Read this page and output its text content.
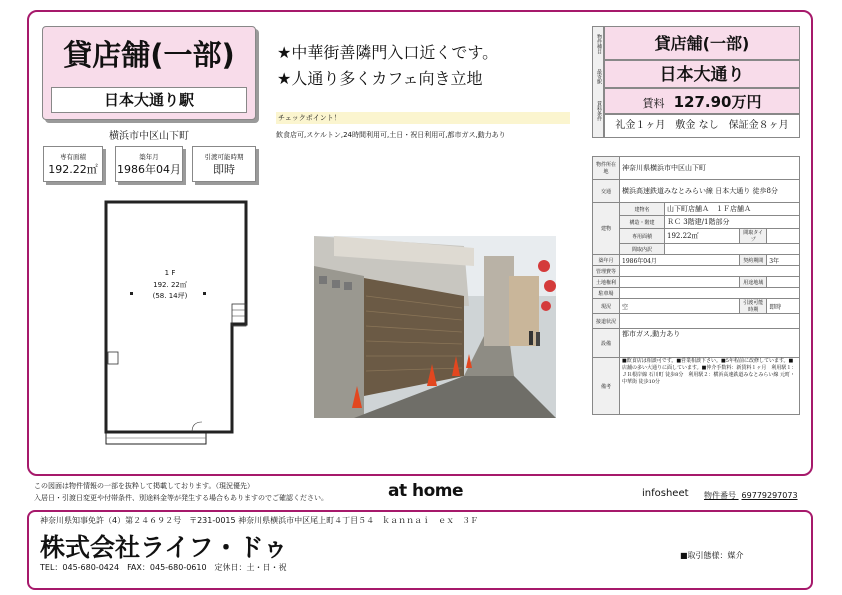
貸店舗(一部)
日本大通り駅
横浜市中区山下町
専有面積
192.22㎡
築年月
1986年04月
引渡可能時期
即時
1 F
192. 22㎡
(58. 14坪)
★中華街善隣門入口近くです。
★人通り多くカフェ向き立地
チェックポイント！
飲食店可,スケルトン,24時間利用可,土日・祝日利用可,都市ガス,動力あり
物件種目
最寄駅
賃料条件
貸店舗(一部)
日本大通り
賃料 127.90万円
礼金１ヶ月　敷金 なし　保証金８ヶ月
物件所在地	神奈川県横浜市中区山下町			
交通	横浜高速鉄道みなとみらい線 日本大通り 徒歩8分			
建物	建物名	山下町店舗Ａ　１Ｆ店舗Ａ		
	構造・階建	ＲＣ 3階建/1階部分		
	専用面積	192.22㎡	間取タイプ	
	間取内訳			
築年月	1986年04月		契約期間	3年
管理費等				
土地権利			用途地域	
駐車場				
現況	空		引渡可能時期	即時
接道状況				
設備	都市ガス,動力あり			
備考	■飲食店は相談可です。■営業相談下さい。■5年程前に改修しています。■店舗の多い大通りに面しています。■仲介手数料：新賃料１ヶ月　利用駅１：ＪＲ根岸線 石川町 徒歩8分　利用駅２：横浜高速鉄道みなとみらい線 元町・中華街 徒歩10分			
この図面は物件情報の一部を抜粋して掲載しております。（現況優先）
入居日・引渡日変更や付帯条件、別途料金等が発生する場合もありますのでご確認ください。	at home	infosheet 物件番号 69779297073
神奈川県知事免許（4）第２４６９２号　〒231-0015 神奈川県横浜市中区尾上町４丁目５４　ｋａｎｎａｉ　ｅｘ　３Ｆ
株式会社ライフ・ドゥ
TEL：045-680-0424　FAX：045-680-0610　定休日：土・日・祝
■取引態様：媒介
